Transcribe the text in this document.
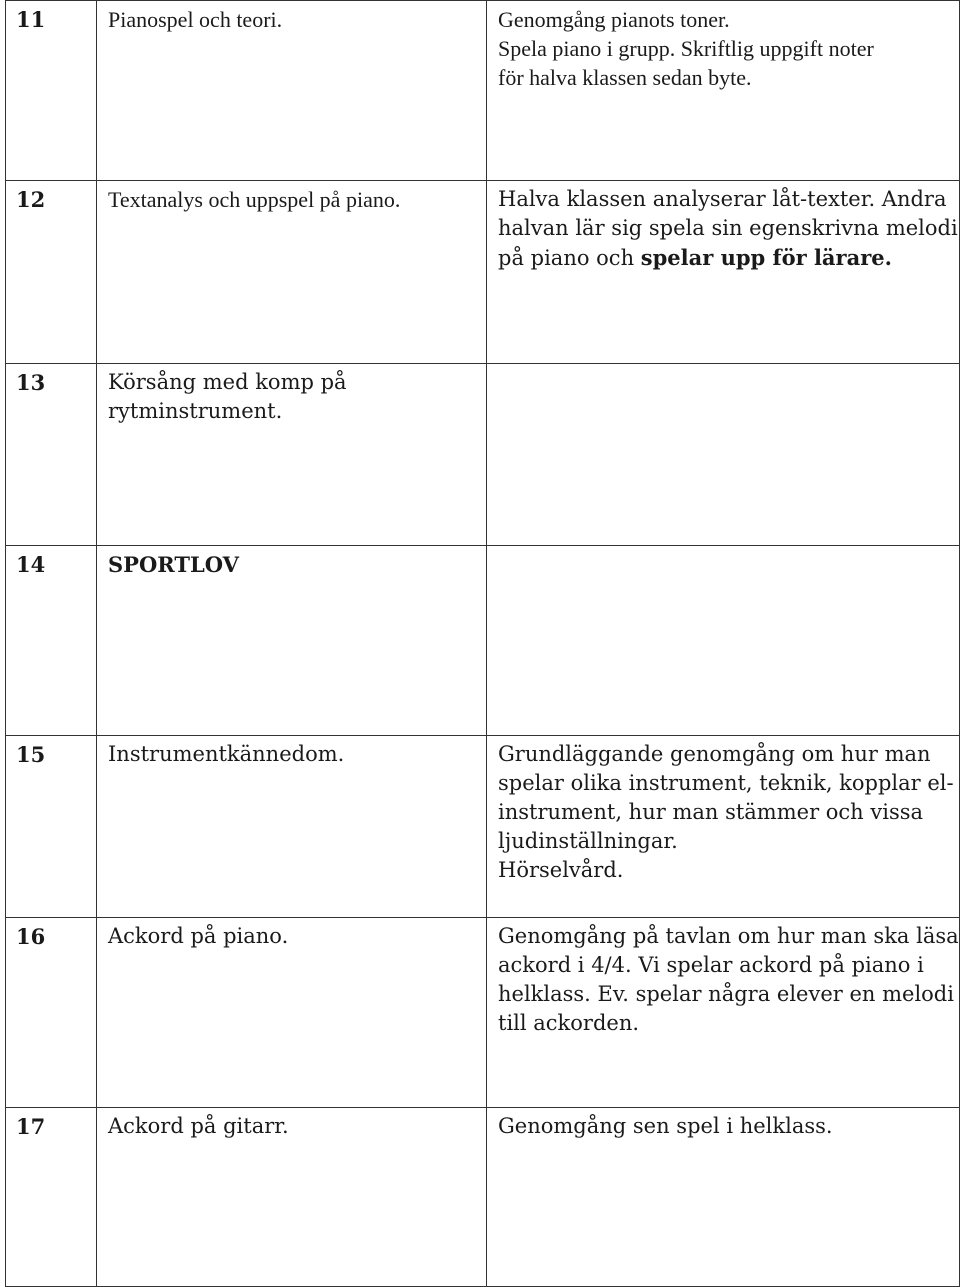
11	Pianospel och teori.	Genomgång pianots toner.
Spela piano i grupp. Skriftlig uppgift noter
för halva klassen sedan byte.

12	Textanalys och uppspel på piano.	Halva klassen analyserar låt-texter. Andra
halvan lär sig spela sin egenskrivna melodi
på piano och spelar upp för lärare.

13	Körsång med komp på
rytminstrument.	

14	SPORTLOV	

15	Instrumentkännedom.	Grundläggande genomgång om hur man
spelar olika instrument, teknik, kopplar el-
instrument, hur man stämmer och vissa
ljudinställningar.
Hörselvård.

16	Ackord på piano.	Genomgång på tavlan om hur man ska läsa
ackord i 4/4. Vi spelar ackord på piano i
helklass. Ev. spelar några elever en melodi
till ackorden.

17	Ackord på gitarr.	Genomgång sen spel i helklass.
